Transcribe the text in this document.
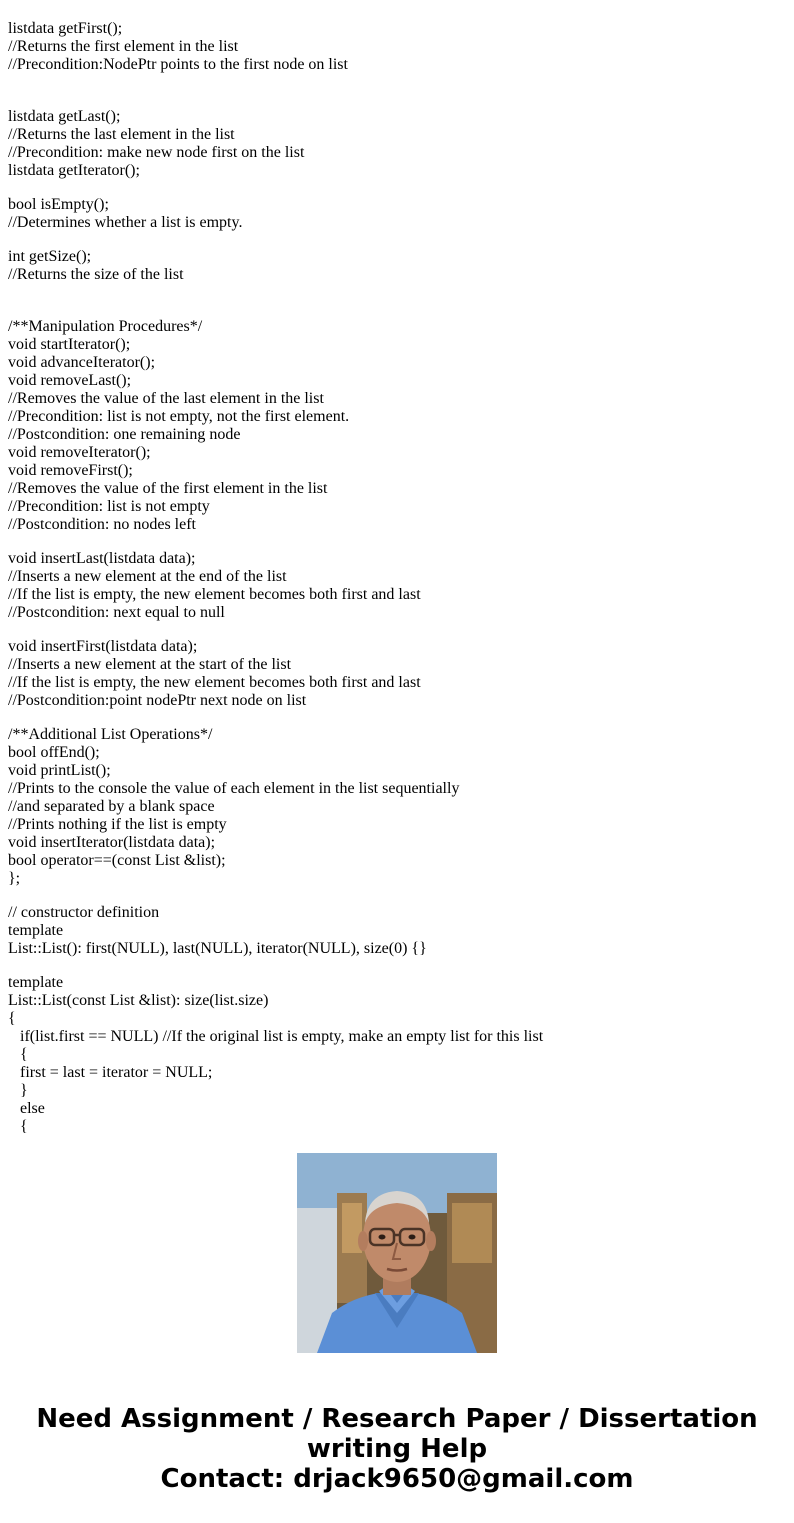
listdata getFirst();
//Returns the first element in the list
//Precondition:NodePtr points to the first node on list
listdata getLast();
//Returns the last element in the list
//Precondition: make new node first on the list
listdata getIterator();
bool isEmpty();
//Determines whether a list is empty.
int getSize();
//Returns the size of the list
/**Manipulation Procedures*/
void startIterator();
void advanceIterator();
void removeLast();
//Removes the value of the last element in the list
//Precondition: list is not empty, not the first element.
//Postcondition: one remaining node
void removeIterator();
void removeFirst();
//Removes the value of the first element in the list
//Precondition: list is not empty
//Postcondition: no nodes left
void insertLast(listdata data);
//Inserts a new element at the end of the list
//If the list is empty, the new element becomes both first and last
//Postcondition: next equal to null
void insertFirst(listdata data);
//Inserts a new element at the start of the list
//If the list is empty, the new element becomes both first and last
//Postcondition:point nodePtr next node on list
/**Additional List Operations*/
bool offEnd();
void printList();
//Prints to the console the value of each element in the list sequentially
//and separated by a blank space
//Prints nothing if the list is empty
void insertIterator(listdata data);
bool operator==(const List &list);
};
// constructor definition
template
List::List(): first(NULL), last(NULL), iterator(NULL), size(0) {}
template
List::List(const List &list): size(list.size)
{
if(list.first == NULL) //If the original list is empty, make an empty list for this list
{
first = last = iterator = NULL;
}
else
{
Need Assignment / Research Paper / Dissertation
writing Help
Contact: drjack9650@gmail.com
